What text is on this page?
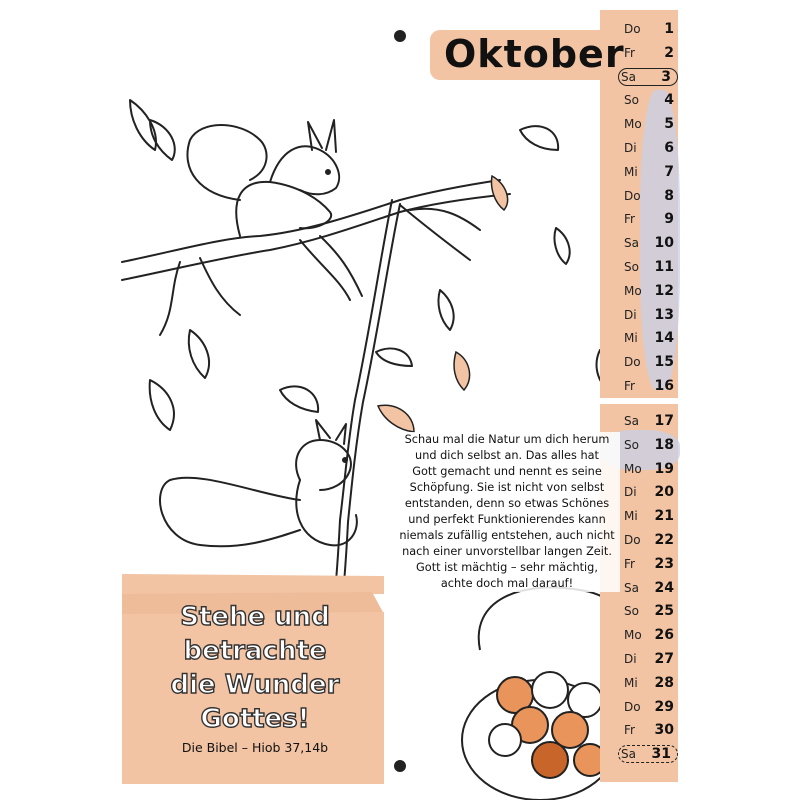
Oktober
Do	1
Fr	2
Sa	3
So	4
Mo	5
Di	6
Mi	7
Do	8
Fr	9
Sa	10
So	11
Mo 12
Di	13
Mi	14
Do 15
Fr	16
Sa	17
So	18
Mo 19
Di	20
Mi	21
Do 22
Fr	23
Sa	24
So	25
Mo 26
Di	27
Mi	28
Do 29
Fr	30
Sa	31
Schau mal die Natur um dich herum
und dich selbst an. Das alles hat
Gott gemacht und nennt es seine
Schöpfung. Sie ist nicht von selbst
entstanden, denn so etwas Schönes
und perfekt Funktionierendes kann
niemals zufällig entstehen, auch nicht
nach einer unvorstellbar langen Zeit.
Gott ist mächtig – sehr mächtig,
achte doch mal darauf!
Stehe und
betrachte
die Wunder
Gottes!
Die Bibel – Hiob 37,14b
